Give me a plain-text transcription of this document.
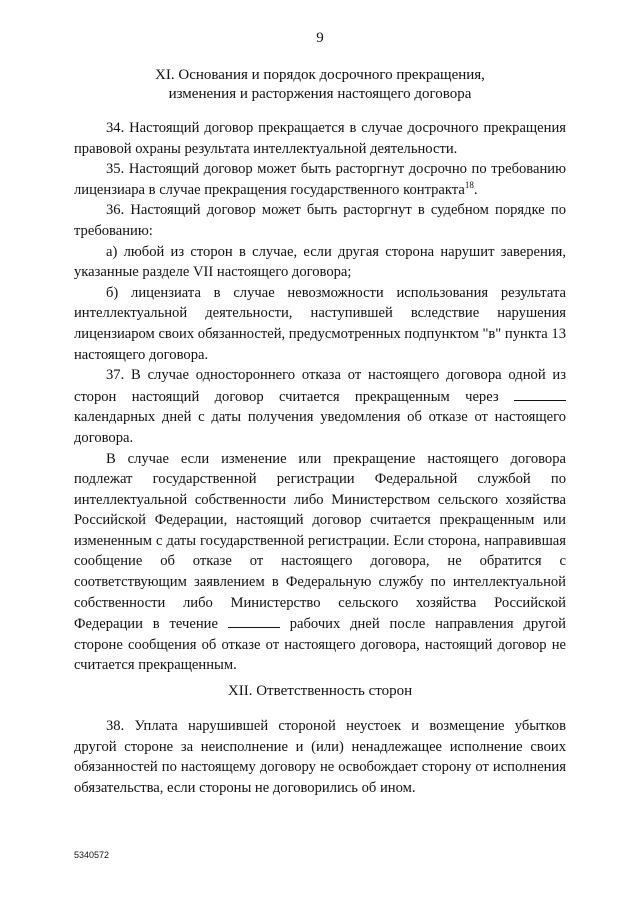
9
XI. Основания и порядок досрочного прекращения,
изменения и расторжения настоящего договора

34. Настоящий договор прекращается в случае досрочного прекращения правовой охраны результата интеллектуальной деятельности.

35. Настоящий договор может быть расторгнут досрочно по требованию лицензиара в случае прекращения государственного контракта$^{18}$.

36. Настоящий договор может быть расторгнут в судебном порядке по требованию:

а) любой из сторон в случае, если другая сторона нарушит заверения, указанные разделе VII настоящего договора;

б) лицензиата в случае невозможности использования результата интеллектуальной деятельности, наступившей вследствие нарушения лицензиаром своих обязанностей, предусмотренных подпунктом "в" пункта 13 настоящего договора.

37. В случае одностороннего отказа от настоящего договора одной из сторон настоящий договор считается прекращенным через  календарных дней с даты получения уведомления об отказе от настоящего договора.

В случае если изменение или прекращение настоящего договора подлежат государственной регистрации Федеральной службой по интеллектуальной собственности либо Министерством сельского хозяйства Российской Федерации, настоящий договор считается прекращенным или измененным с даты государственной регистрации. Если сторона, направившая сообщение об отказе от настоящего договора, не обратится с соответствующим заявлением в Федеральную службу по интеллектуальной собственности либо Министерство сельского хозяйства Российской Федерации в течение	рабочих дней после направления другой стороне сообщения об отказе от настоящего договора, настоящий договор не считается прекращенным.

XII. Ответственность сторон

38. Уплата нарушившей стороной неустоек и возмещение убытков другой стороне за неисполнение и (или) ненадлежащее исполнение своих обязанностей по настоящему договору не освобождает сторону от исполнения обязательства, если стороны не договорились об ином.

5340572
